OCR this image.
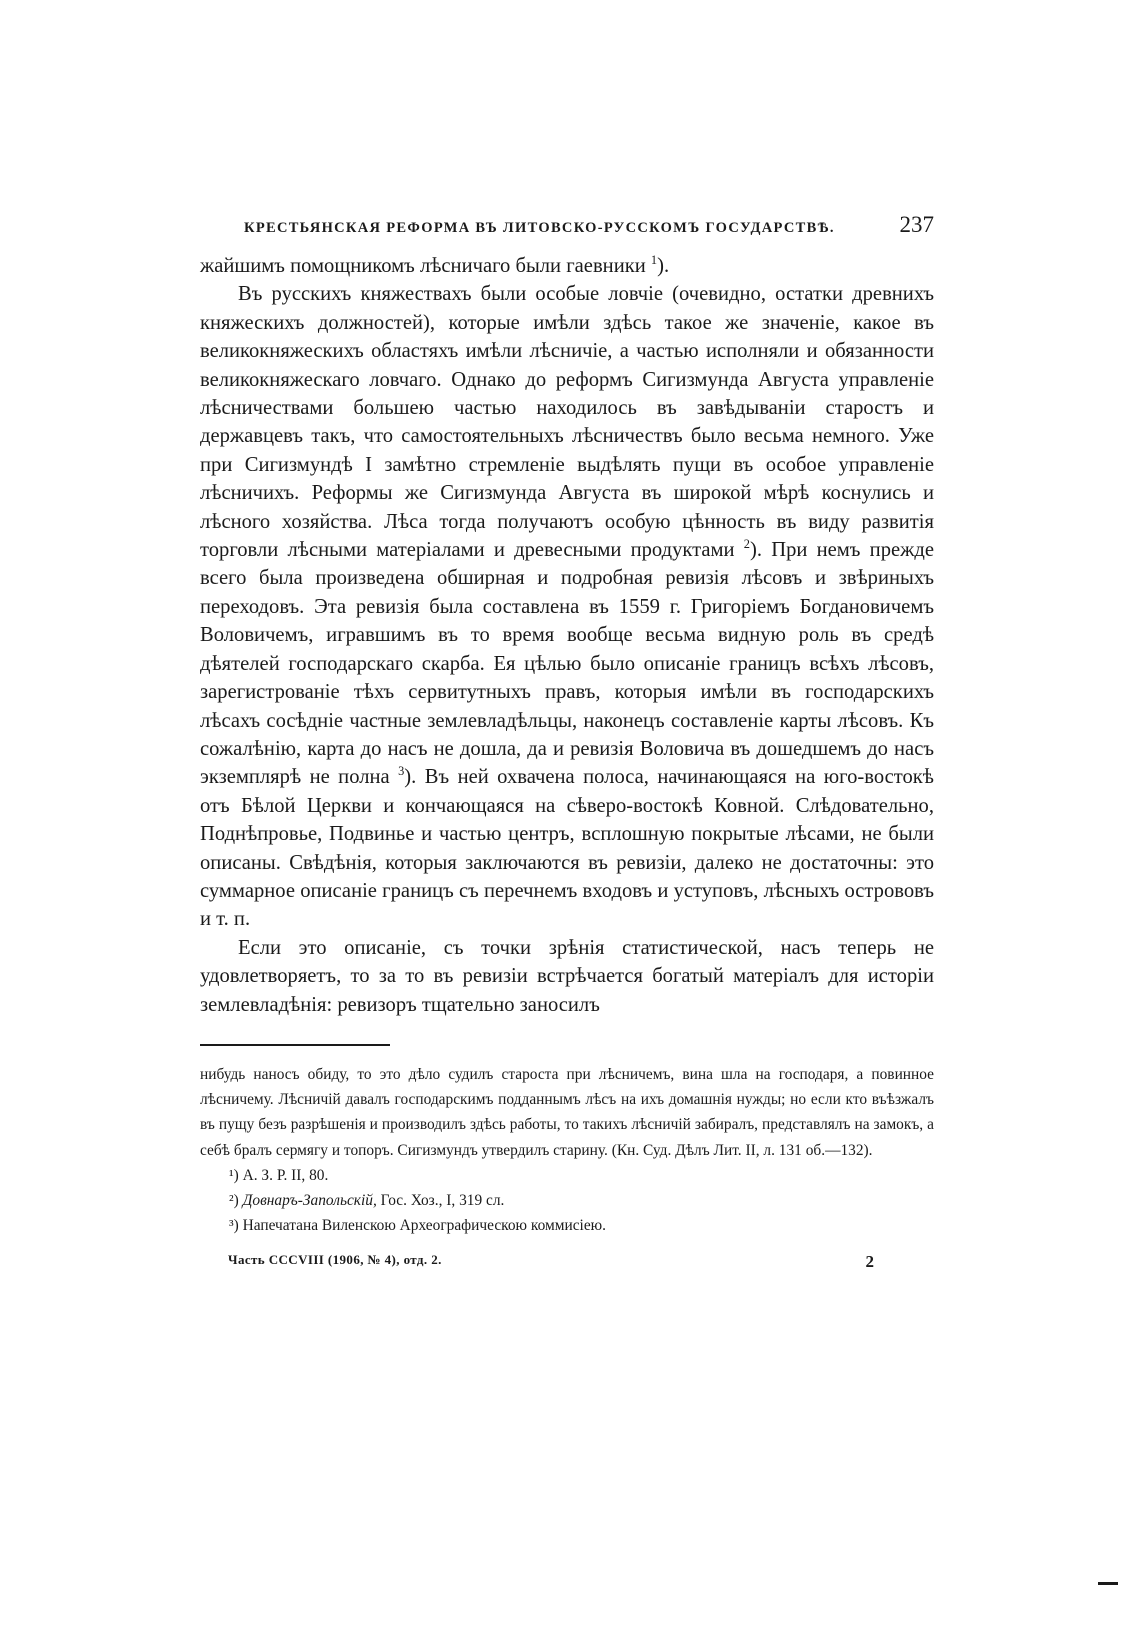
КРЕСТЬЯНСКАЯ РЕФОРМА ВЪ ЛИТОВСКО-РУССКОМЪ ГОСУДАРСТВѢ.	237

жайшимъ помощникомъ лѣсничаго были гаевники $^1$).

Въ русскихъ княжествахъ были особые ловчіе (очевидно, остатки древнихъ княжескихъ должностей), которые имѣли здѣсь такое же значеніе, какое въ великокняжескихъ областяхъ имѣли лѣсничіе, а частью исполняли и обязанности великокняжескаго ловчаго. Однако до реформъ Сигизмунда Августа управленіе лѣсничествами большею частью находилось въ завѣдываніи старостъ и державцевъ такъ, что самостоятельныхъ лѣсничествъ было весьма немного. Уже при Сигизмундѣ I замѣтно стремленіе выдѣлять пущи въ особое управленіе лѣсничихъ. Реформы же Сигизмунда Августа въ широкой мѣрѣ коснулись и лѣсного хозяйства. Лѣса тогда получаютъ особую цѣнность въ виду развитія торговли лѣсными матеріалами и древесными продуктами $^2$). При немъ прежде всего была произведена обширная и подробная ревизія лѣсовъ и звѣриныхъ переходовъ. Эта ревизія была составлена въ 1559 г. Григоріемъ Богдановичемъ Воловичемъ, игравшимъ въ то время вообще весьма видную роль въ средѣ дѣятелей господарскаго скарба. Ея цѣлью было описаніе границъ всѣхъ лѣсовъ, зарегистрованіе тѣхъ сервитутныхъ правъ, которыя имѣли въ господарскихъ лѣсахъ сосѣдніе частные землевладѣльцы, наконецъ составленіе карты лѣсовъ. Къ сожалѣнію, карта до насъ не дошла, да и ревизія Воловича въ дошедшемъ до насъ экземплярѣ не полна $^3$). Въ ней охвачена полоса, начинающаяся на юго-востокѣ отъ Бѣлой Церкви и кончающаяся на сѣверо-востокѣ Ковной. Слѣдовательно, Поднѣпровье, Подвинье и частью центръ, вcплошную покрытые лѣсами, не были описаны. Свѣдѣнія, которыя заключаются въ ревизіи, далеко не достаточны: это суммарное описаніе границъ съ перечнемъ входовъ и уступовъ, лѣсныхъ острововъ и т. п.

Если это описаніе, съ точки зрѣнія статистической, насъ теперь не удовлетворяетъ, то за то въ ревизіи встрѣчается богатый матеріалъ для исторіи землевладѣнія: ревизоръ тщательно заносилъ

нибудь наносъ обиду, то это дѣло судилъ староста при лѣсничемъ, вина шла на господаря, а повинное лѣсничему. Лѣсничій давалъ господарскимъ подданнымъ лѣсъ на ихъ домашнія нужды; но если кто въѣзжалъ въ пущу безъ разрѣшенія и производилъ здѣсь работы, то такихъ лѣсничій забиралъ, представлялъ на замокъ, а себѣ бралъ сермягу и топоръ. Сигизмундъ утвердилъ старину. (Кн. Суд. Дѣлъ Лит. II, л. 131 об.—132).

¹) А. З. Р. II, 80.

²) Довнаръ-Запольскій, Гос. Хоз., I, 319 сл.

³) Напечатана Виленскою Археографическою коммисіею.

Часть CCCVIII (1906, № 4), отд. 2.	2
